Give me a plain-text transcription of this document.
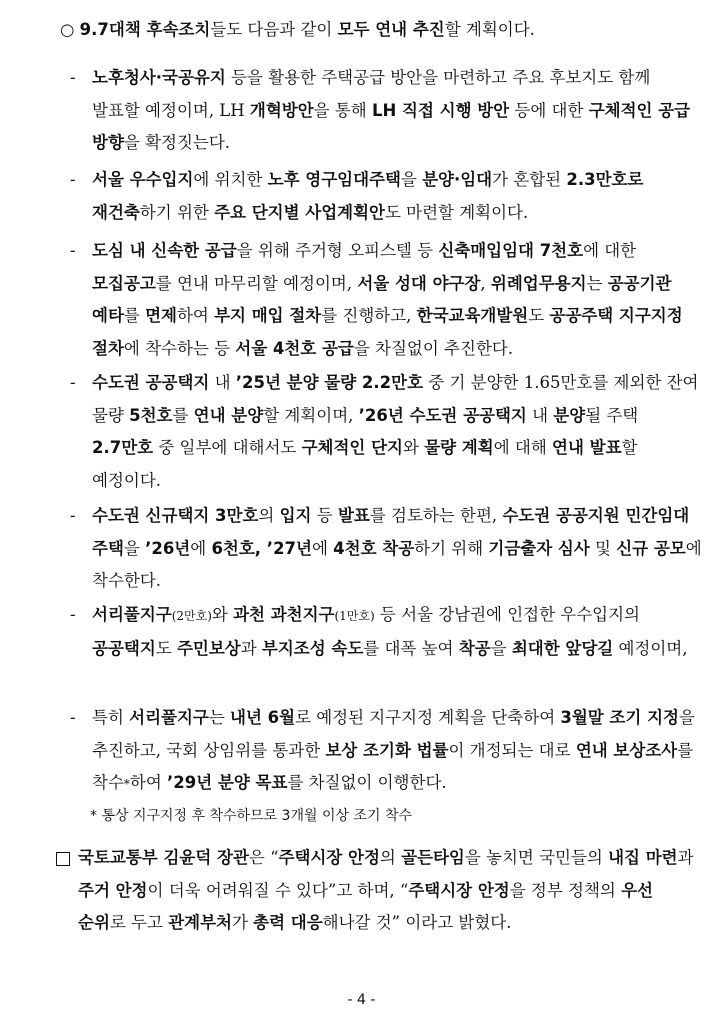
○ 9.7대책 후속조치들도 다음과 같이 모두 연내 추진할 계획이다.

- 노후청사·국공유지 등을 활용한 주택공급 방안을 마련하고 주요 후보지도 함께 발표할 예정이며, LH 개혁방안을 통해 LH 직접 시행 방안 등에 대한 구체적인 공급 방향을 확정짓는다.

- 서울 우수입지에 위치한 노후 영구임대주택을 분양·임대가 혼합된 2.3만호로 재건축하기 위한 주요 단지별 사업계획안도 마련할 계획이다.

- 도심 내 신속한 공급을 위해 주거형 오피스텔 등 신축매입임대 7천호에 대한 모집공고를 연내 마무리할 예정이며, 서울 성대 야구장, 위례업무용지는 공공기관 예타를 면제하여 부지 매입 절차를 진행하고, 한국교육개발원도 공공주택 지구지정 절차에 착수하는 등 서울 4천호 공급을 차질없이 추진한다.

- 수도권 공공택지 내 ’25년 분양 물량 2.2만호 중 기 분양한 1.65만호를 제외한 잔여 물량 5천호를 연내 분양할 계획이며, ’26년 수도권 공공택지 내 분양될 주택 2.7만호 중 일부에 대해서도 구체적인 단지와 물량 계획에 대해 연내 발표할 예정이다.

- 수도권 신규택지 3만호의 입지 등 발표를 검토하는 한편, 수도권 공공지원 민간임대 주택을 ’26년에 6천호, ’27년에 4천호 착공하기 위해 기금출자 심사 및 신규 공모에 착수한다.

- 서리풀지구(2만호)와 과천 과천지구(1만호) 등 서울 강남권에 인접한 우수입지의 공공택지도 주민보상과 부지조성 속도를 대폭 높여 착공을 최대한 앞당길 예정이며,

- 특히 서리풀지구는 내년 6월로 예정된 지구지정 계획을 단축하여 3월말 조기 지정을 추진하고, 국회 상임위를 통과한 보상 조기화 법률이 개정되는 대로 연내 보상조사를 착수*하여 ’29년 분양 목표를 차질없이 이행한다.

* 통상 지구지정 후 착수하므로 3개월 이상 조기 착수

국토교통부 김윤덕 장관은 “주택시장 안정의 골든타임을 놓치면 국민들의 내집 마련과 주거 안정이 더욱 어려워질 수 있다”고 하며, “주택시장 안정을 정부 정책의 우선 순위로 두고 관계부처가 총력 대응해나갈 것” 이라고 밝혔다.

- 4 -
